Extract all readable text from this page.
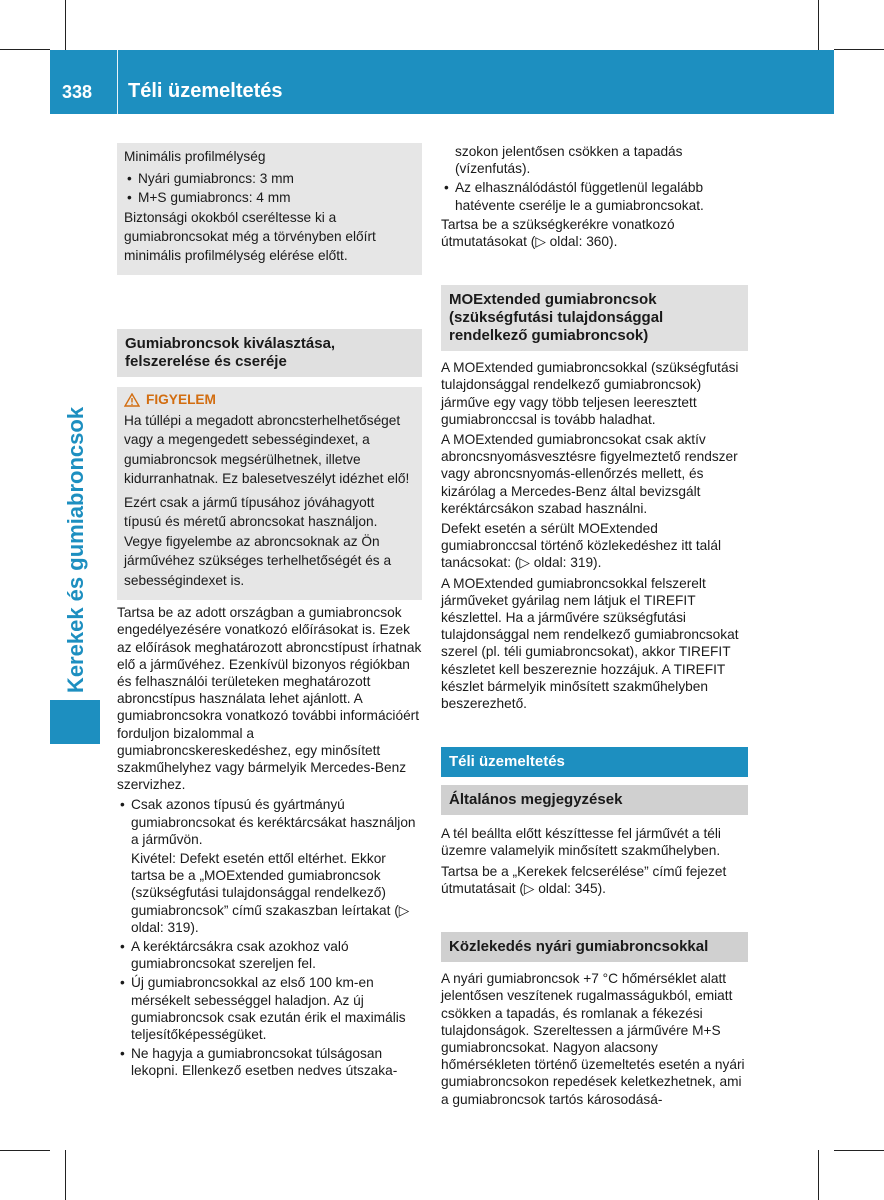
338	Téli üzemeltetés
Kerekek és gumiabroncsok

Minimális profilmélység

• Nyári gumiabroncs: 3 mm
• M+S gumiabroncs: 4 mm

Biztonsági okokból cseréltesse ki a gumiabroncsokat még a törvényben előírt minimális profilmélység elérése előtt.

Gumiabroncsok kiválasztása, felszerelése és cseréje
FIGYELEM

Ha túllépi a megadott abroncsterhelhetőséget vagy a megengedett sebességindexet, a gumiabroncsok megsérülhetnek, illetve kidurranhatnak. Ez balesetveszélyt idézhet elő!

Ezért csak a jármű típusához jóváhagyott típusú és méretű abroncsokat használjon. Vegye figyelembe az abroncsoknak az Ön járművéhez szükséges terhelhetőségét és a sebességindexet is.

Tartsa be az adott országban a gumiabroncsok engedélyezésére vonatkozó előírásokat is. Ezek az előírások meghatározott abroncstípust írhatnak elő a járművéhez. Ezenkívül bizonyos régiókban és felhasználói területeken meghatározott abroncstípus használata lehet ajánlott. A gumiabroncsokra vonatkozó további információért forduljon bizalommal a gumiabroncskereskedéshez, egy minősített szakműhelyhez vagy bármelyik Mercedes-Benz szervizhez.

• Csak azonos típusú és gyártmányú gumiabroncsokat és keréktárcsákat használjon a járművön.

Kivétel: Defekt esetén ettől eltérhet. Ekkor tartsa be a „MOExtended gumiabroncsok (szükségfutási tulajdonsággal rendelkező) gumiabroncsok” című szakaszban leírtakat (▷ oldal: 319).

• A keréktárcsákra csak azokhoz való gumiabroncsokat szereljen fel.

• Új gumiabroncsokkal az első 100 km-en mérsékelt sebességgel haladjon. Az új gumiabroncsok csak ezután érik el maximális teljesítőképességüket.

• Ne hagyja a gumiabroncsokat túlságosan lekopni. Ellenkező esetben nedves útszaka-

szokon jelentősen csökken a tapadás (vízenfutás).

• Az elhasználódástól függetlenül legalább hatévente cserélje le a gumiabroncsokat.

Tartsa be a szükségkerékre vonatkozó útmutatásokat (▷ oldal: 360).

MOExtended gumiabroncsok (szükségfutási tulajdonsággal rendelkező gumiabroncsok)

A MOExtended gumiabroncsokkal (szükségfutási tulajdonsággal rendelkező gumiabroncsok) járműve egy vagy több teljesen leeresztett gumiabronccsal is tovább haladhat.

A MOExtended gumiabroncsokat csak aktív abroncsnyomásvesztésre figyelmeztető rendszer vagy abroncsnyomás-ellenőrzés mellett, és kizárólag a Mercedes-Benz által bevizsgált keréktárcsákon szabad használni.

Defekt esetén a sérült MOExtended gumiabronccsal történő közlekedéshez itt talál tanácsokat: (▷ oldal: 319).

A MOExtended gumiabroncsokkal felszerelt járműveket gyárilag nem látjuk el TIREFIT készlettel. Ha a járművére szükségfutási tulajdonsággal nem rendelkező gumiabroncsokat szerel (pl. téli gumiabroncsokat), akkor TIREFIT készletet kell beszereznie hozzájuk. A TIREFIT készlet bármelyik minősített szakműhelyben beszerezhető.

Téli üzemeltetés
Általános megjegyzések

A tél beállta előtt készíttesse fel járművét a téli üzemre valamelyik minősített szakműhelyben.

Tartsa be a „Kerekek felcserélése” című fejezet útmutatásait (▷ oldal: 345).

Közlekedés nyári gumiabroncsokkal

A nyári gumiabroncsok +7 °C hőmérséklet alatt jelentősen veszítenek rugalmasságukból, emiatt csökken a tapadás, és romlanak a fékezési tulajdonságok. Szereltessen a járművére M+S gumiabroncsokat. Nagyon alacsony hőmérsékleten történő üzemeltetés esetén a nyári gumiabroncsokon repedések keletkezhetnek, ami a gumiabroncsok tartós károsodásá-
